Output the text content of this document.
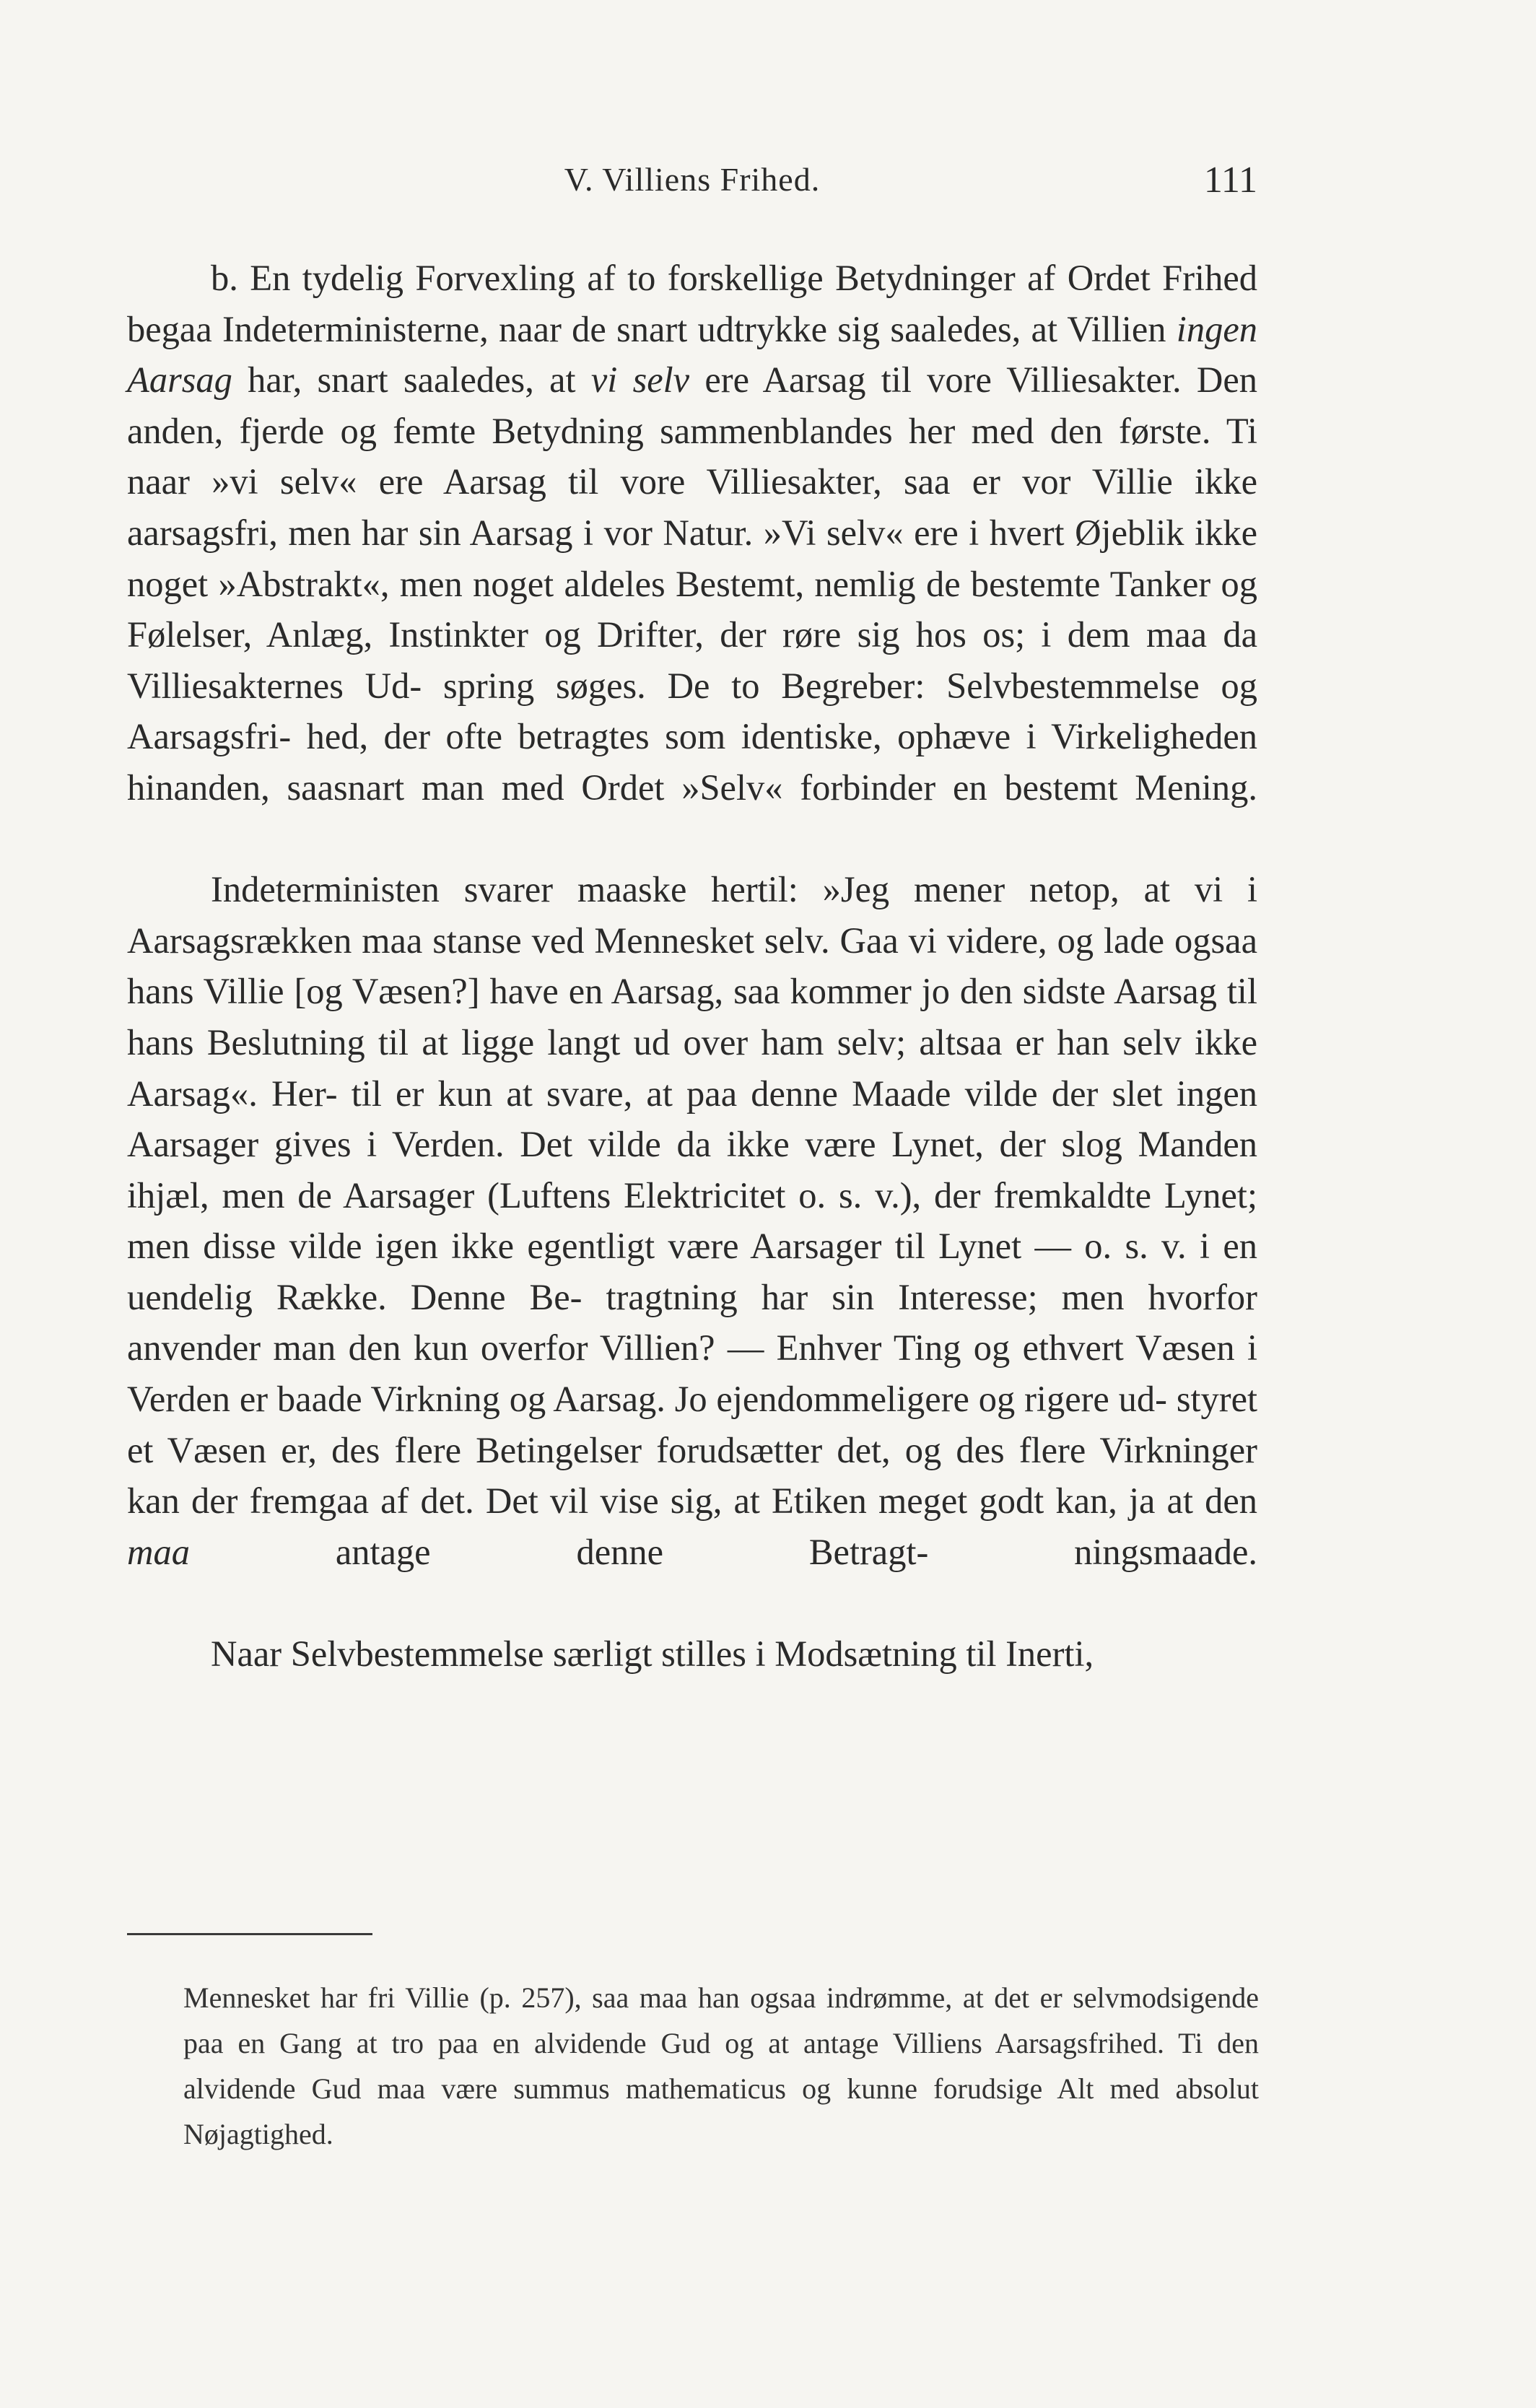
V. Villiens Frihed.	111

b. En tydelig Forvexling af to forskellige Betydninger af Ordet Frihed begaa Indeterministerne, naar de snart udtrykke sig saaledes, at Villien ingen Aarsag har, snart saaledes, at vi selv ere Aarsag til vore Villiesakter. Den anden, fjerde og femte Betydning sammenblandes her med den første. Ti naar »vi selv« ere Aarsag til vore Villiesakter, saa er vor Villie ikke aarsagsfri, men har sin Aarsag i vor Natur. »Vi selv« ere i hvert Øjeblik ikke noget »Abstrakt«, men noget aldeles Bestemt, nemlig de bestemte Tanker og Følelser, Anlæg, Instinkter og Drifter, der røre sig hos os; i dem maa da Villiesakternes Ud- spring søges. De to Begreber: Selvbestemmelse og Aarsagsfri- hed, der ofte betragtes som identiske, ophæve i Virkeligheden hinanden, saasnart man med Ordet »Selv« forbinder en bestemt Mening.

Indeterministen svarer maaske hertil: »Jeg mener netop, at vi i Aarsagsrækken maa stanse ved Mennesket selv. Gaa vi videre, og lade ogsaa hans Villie [og Væsen?] have en Aarsag, saa kommer jo den sidste Aarsag til hans Beslutning til at ligge langt ud over ham selv; altsaa er han selv ikke Aarsag«. Her- til er kun at svare, at paa denne Maade vilde der slet ingen Aarsager gives i Verden. Det vilde da ikke være Lynet, der slog Manden ihjæl, men de Aarsager (Luftens Elektricitet o. s. v.), der fremkaldte Lynet; men disse vilde igen ikke egentligt være Aarsager til Lynet — o. s. v. i en uendelig Række. Denne Be- tragtning har sin Interesse; men hvorfor anvender man den kun overfor Villien? — Enhver Ting og ethvert Væsen i Verden er baade Virkning og Aarsag. Jo ejendommeligere og rigere ud- styret et Væsen er, des flere Betingelser forudsætter det, og des flere Virkninger kan der fremgaa af det. Det vil vise sig, at Etiken meget godt kan, ja at den maa antage denne Betragt-	ningsmaade.

Naar Selvbestemmelse særligt stilles i Modsætning til Inerti,

Mennesket har fri Villie (p. 257), saa maa han ogsaa indrømme, at det er selvmodsigende paa en Gang at tro paa en alvidende Gud og at antage Villiens Aarsagsfrihed. Ti den alvidende Gud maa være summus mathematicus og kunne forudsige Alt med absolut Nøjagtighed.
